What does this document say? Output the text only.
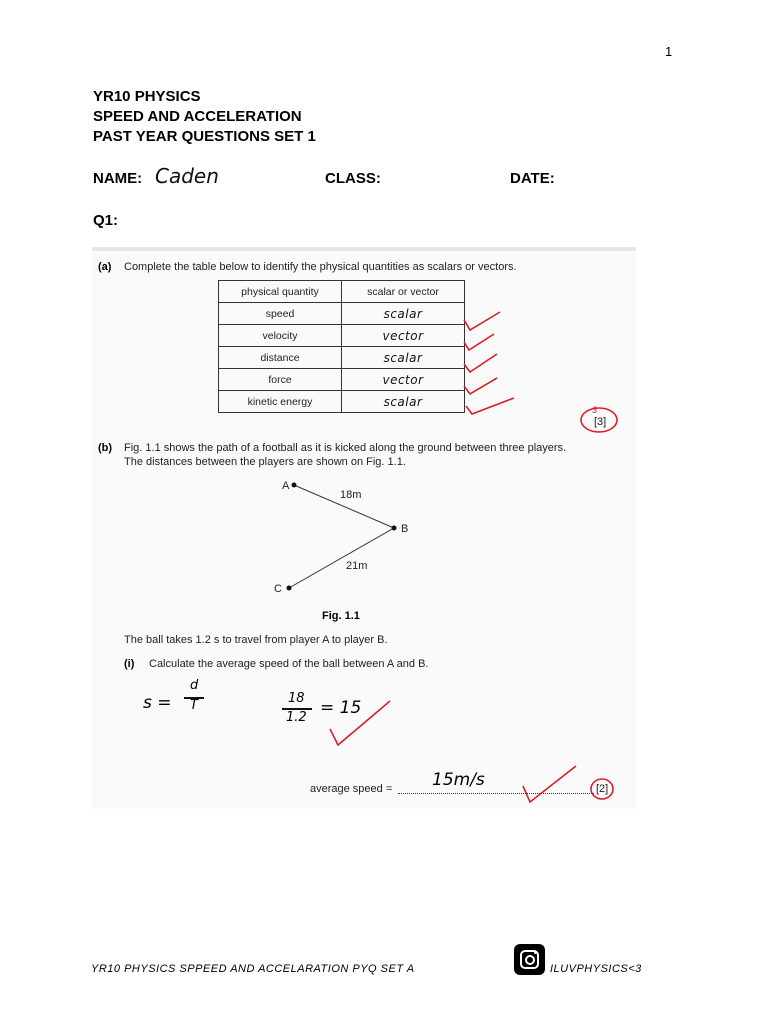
1
YR10 PHYSICS
SPEED AND ACCELERATION
PAST YEAR QUESTIONS SET 1
NAME: Caden	CLASS:	DATE:
Q1:
(a) Complete the table below to identify the physical quantities as scalars or vectors.
physical quantity	scalar or vector
speed	scalar
velocity	vector
distance	scalar
force	vector
kinetic energy	scalar
3
[3]
(b) Fig. 1.1 shows the path of a football as it is kicked along the ground between three players.
The distances between the players are shown on Fig. 1.1.
A
B
C
18m
21m
Fig. 1.1
The ball takes 1.2 s to travel from player A to player B.
(i) Calculate the average speed of the ball between A and B.
s =
d
T	18
1.2 = 15
average speed = 15m/s	[2]
YR10 PHYSICS SPPEED AND ACCELARATION PYQ SET A	ILUVPHYSICS<3
